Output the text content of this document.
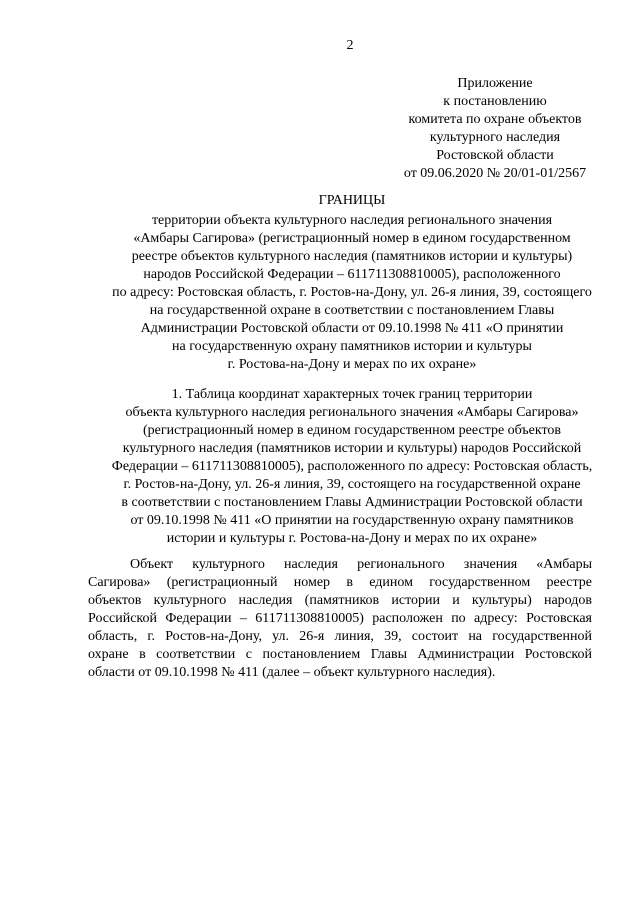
2
Приложение
к постановлению
комитета по охране объектов
культурного наследия
Ростовской области
от 09.06.2020 № 20/01-01/2567
ГРАНИЦЫ
территории объекта культурного наследия регионального значения
«Амбары Сагирова» (регистрационный номер в едином государственном
реестре объектов культурного наследия (памятников истории и культуры)
народов Российской Федерации – 611711308810005), расположенного
по адресу: Ростовская область, г. Ростов-на-Дону, ул. 26-я линия, 39, состоящего
на государственной охране в соответствии с постановлением Главы
Администрации Ростовской области от 09.10.1998 № 411 «О принятии
на государственную охрану памятников истории и культуры
г. Ростова-на-Дону и мерах по их охране»
1. Таблица координат характерных точек границ территории
объекта культурного наследия регионального значения «Амбары Сагирова»
(регистрационный номер в едином государственном реестре объектов
культурного наследия (памятников истории и культуры) народов Российской
Федерации – 611711308810005), расположенного по адресу: Ростовская область,
г. Ростов-на-Дону, ул. 26-я линия, 39, состоящего на государственной охране
в соответствии с постановлением Главы Администрации Ростовской области
от 09.10.1998 № 411 «О принятии на государственную охрану памятников
истории и культуры г. Ростова-на-Дону и мерах по их охране»
Объект культурного наследия регионального значения «Амбары
Сагирова» (регистрационный номер в едином государственном реестре
объектов культурного наследия (памятников истории и культуры) народов
Российской Федерации – 611711308810005) расположен по адресу: Ростовская
область, г. Ростов-на-Дону, ул. 26-я линия, 39, состоит на государственной
охране в соответствии с постановлением Главы Администрации Ростовской
области от 09.10.1998 № 411 (далее – объект культурного наследия).
